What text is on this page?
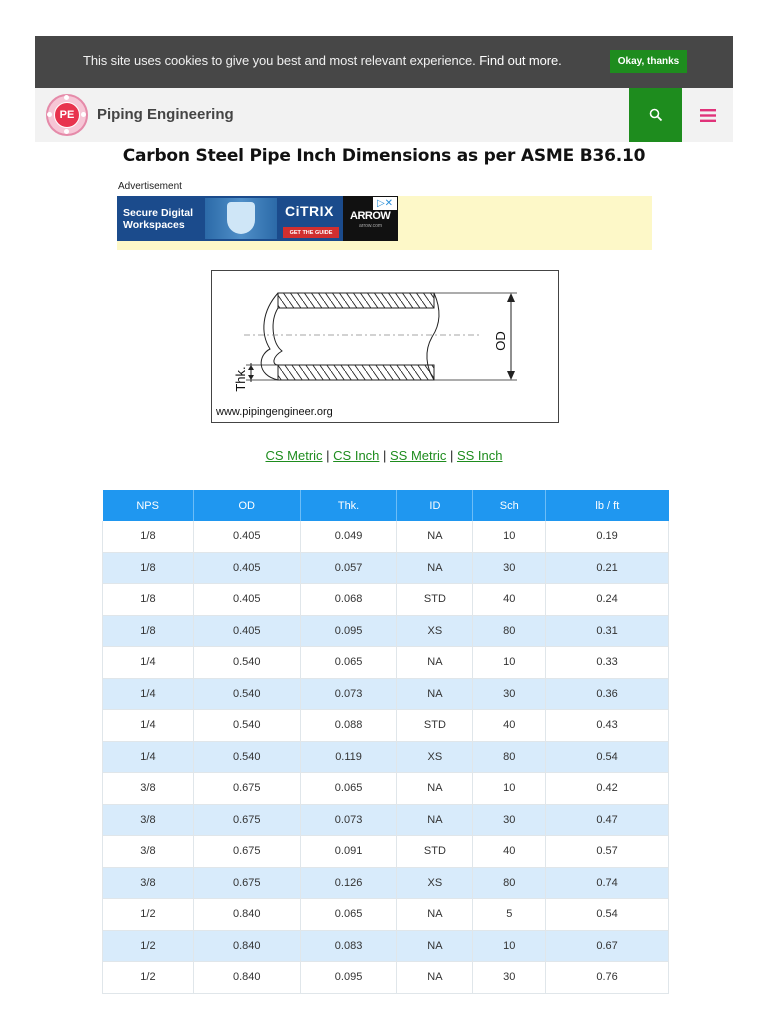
This site uses cookies to give you best and most relevant experience. Find out more.	Okay, thanks
PE	Piping Engineering
Carbon Steel Pipe Inch Dimensions as per ASME B36.10
Advertisement
Secure Digital
Workspaces
CiTRIX
GET THE GUIDE
ARROW
arrow.com
▷✕
OD
Thk.
www.pipingengineer.org
CS Metric | CS Inch | SS Metric | SS Inch
NPS	OD	Thk.	ID	Sch	lb / ft
1/8	0.405	0.049	NA	10	0.19
1/8	0.405	0.057	NA	30	0.21
1/8	0.405	0.068	STD	40	0.24
1/8	0.405	0.095	XS	80	0.31
1/4	0.540	0.065	NA	10	0.33
1/4	0.540	0.073	NA	30	0.36
1/4	0.540	0.088	STD	40	0.43
1/4	0.540	0.119	XS	80	0.54
3/8	0.675	0.065	NA	10	0.42
3/8	0.675	0.073	NA	30	0.47
3/8	0.675	0.091	STD	40	0.57
3/8	0.675	0.126	XS	80	0.74
1/2	0.840	0.065	NA	5	0.54
1/2	0.840	0.083	NA	10	0.67
1/2	0.840	0.095	NA	30	0.76
